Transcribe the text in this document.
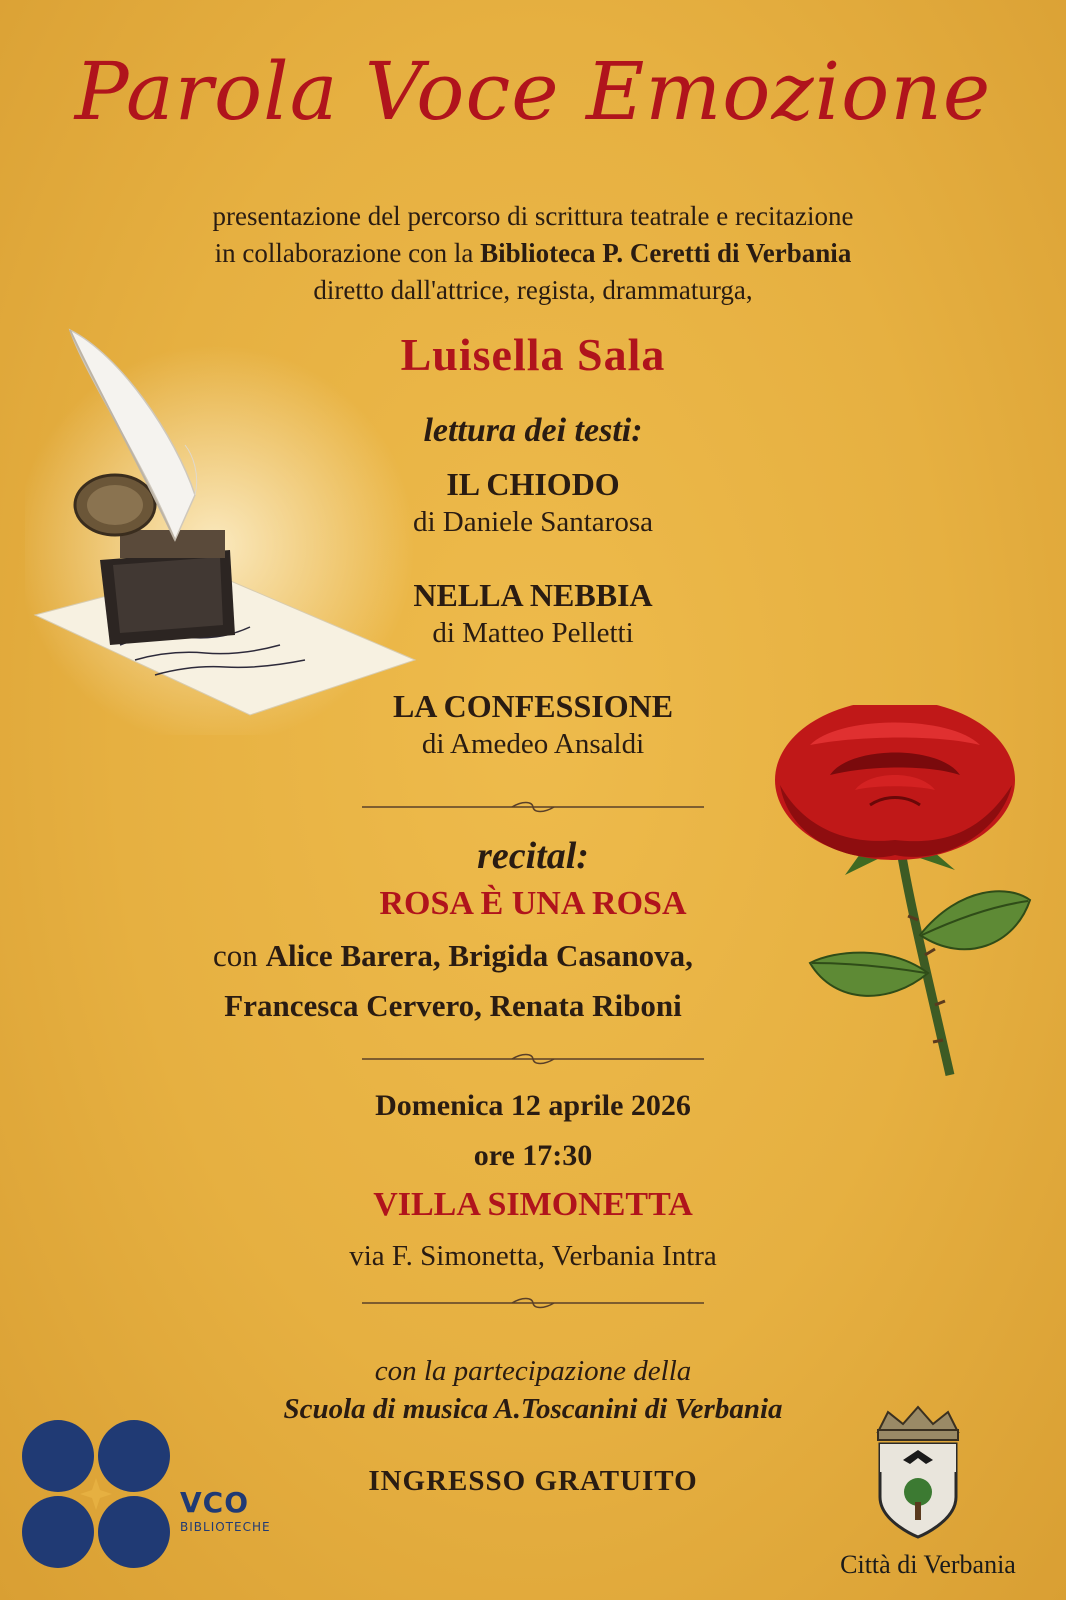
Parola Voce Emozione
presentazione del percorso di scrittura teatrale e recitazione
in collaborazione con la Biblioteca P. Ceretti di Verbania
diretto dall'attrice, regista, drammaturga,
Luisella Sala
lettura dei testi:
IL CHIODO
di Daniele Santarosa
NELLA NEBBIA
di Matteo Pelletti
LA CONFESSIONE
di Amedeo Ansaldi
recital:
ROSA È UNA ROSA
con Alice Barera, Brigida Casanova,
Francesca Cervero, Renata Riboni
Domenica 12 aprile 2026
ore 17:30
VILLA SIMONETTA
via F. Simonetta, Verbania Intra
con la partecipazione della
Scuola di musica A.Toscanini di Verbania
INGRESSO GRATUITO
VCO
BIBLIOTECHE
Città di Verbania
